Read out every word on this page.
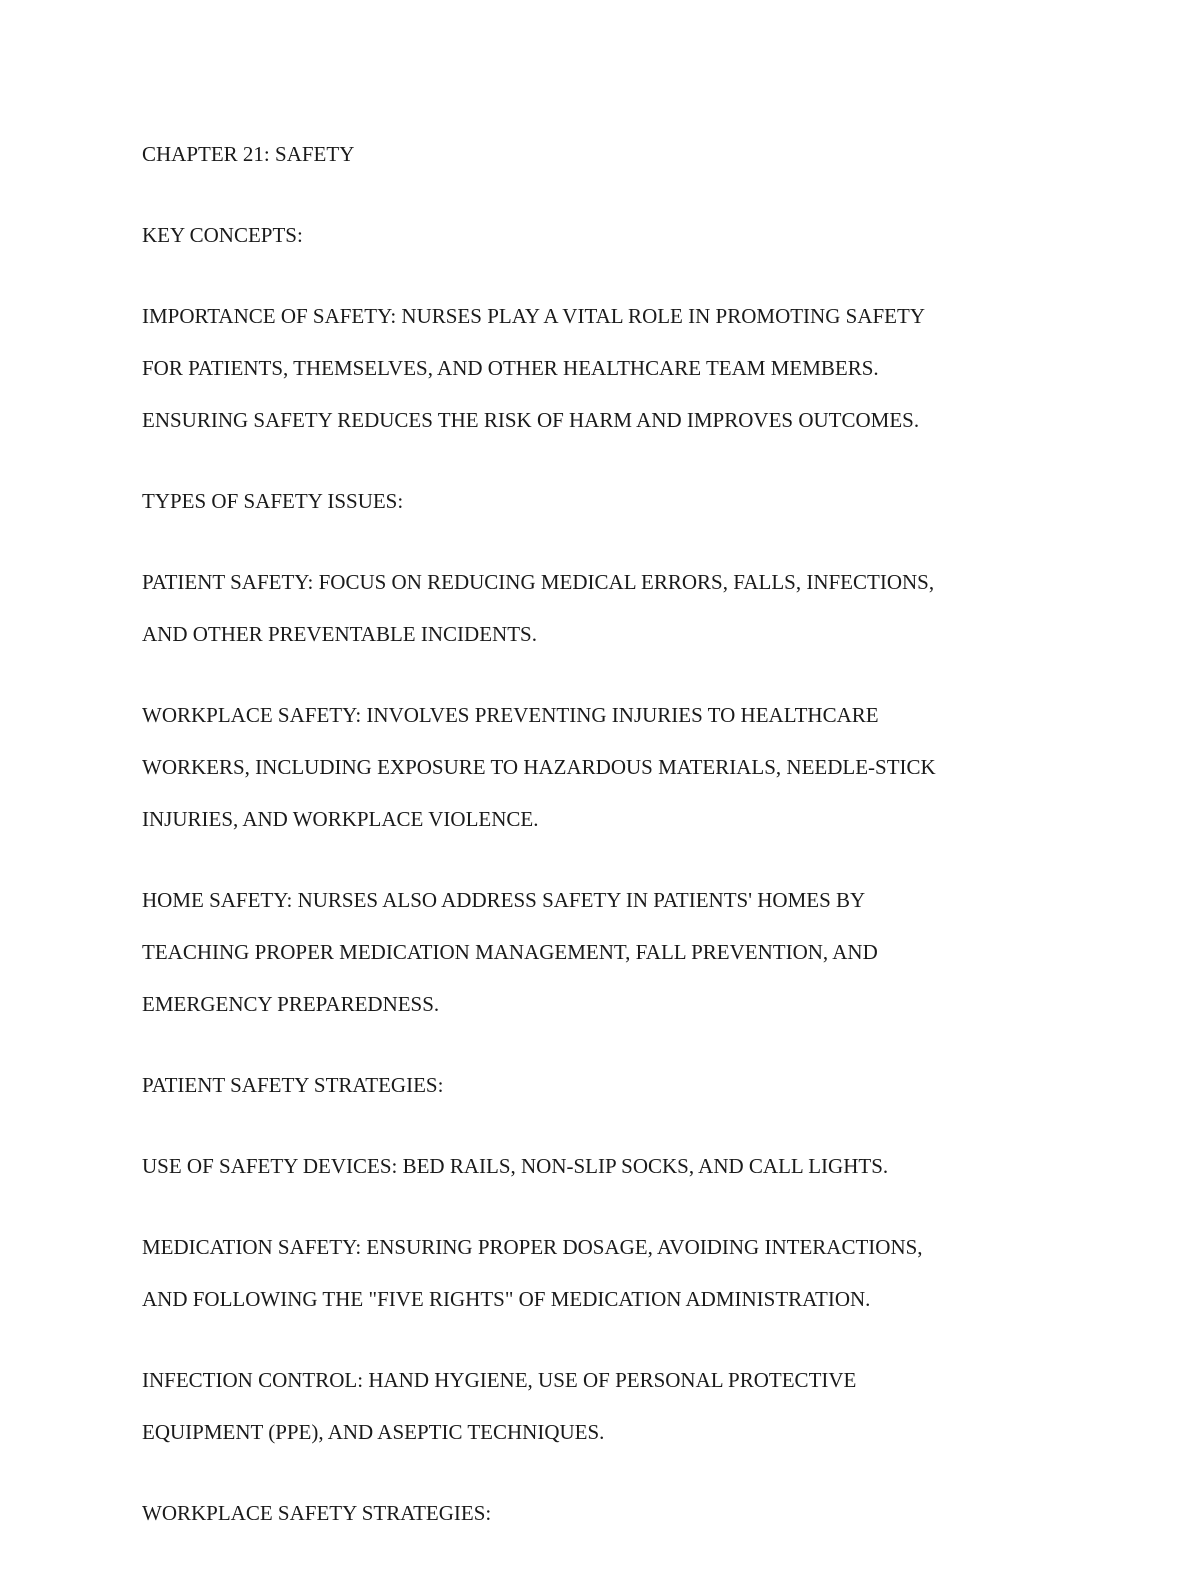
CHAPTER 21: SAFETY

KEY CONCEPTS:

IMPORTANCE OF SAFETY: NURSES PLAY A VITAL ROLE IN PROMOTING SAFETY
FOR PATIENTS, THEMSELVES, AND OTHER HEALTHCARE TEAM MEMBERS.
ENSURING SAFETY REDUCES THE RISK OF HARM AND IMPROVES OUTCOMES.

TYPES OF SAFETY ISSUES:

PATIENT SAFETY: FOCUS ON REDUCING MEDICAL ERRORS, FALLS, INFECTIONS,
AND OTHER PREVENTABLE INCIDENTS.

WORKPLACE SAFETY: INVOLVES PREVENTING INJURIES TO HEALTHCARE
WORKERS, INCLUDING EXPOSURE TO HAZARDOUS MATERIALS, NEEDLE-STICK
INJURIES, AND WORKPLACE VIOLENCE.

HOME SAFETY: NURSES ALSO ADDRESS SAFETY IN PATIENTS' HOMES BY
TEACHING PROPER MEDICATION MANAGEMENT, FALL PREVENTION, AND
EMERGENCY PREPAREDNESS.

PATIENT SAFETY STRATEGIES:

USE OF SAFETY DEVICES: BED RAILS, NON-SLIP SOCKS, AND CALL LIGHTS.

MEDICATION SAFETY: ENSURING PROPER DOSAGE, AVOIDING INTERACTIONS,
AND FOLLOWING THE "FIVE RIGHTS" OF MEDICATION ADMINISTRATION.

INFECTION CONTROL: HAND HYGIENE, USE OF PERSONAL PROTECTIVE
EQUIPMENT (PPE), AND ASEPTIC TECHNIQUES.

WORKPLACE SAFETY STRATEGIES:
